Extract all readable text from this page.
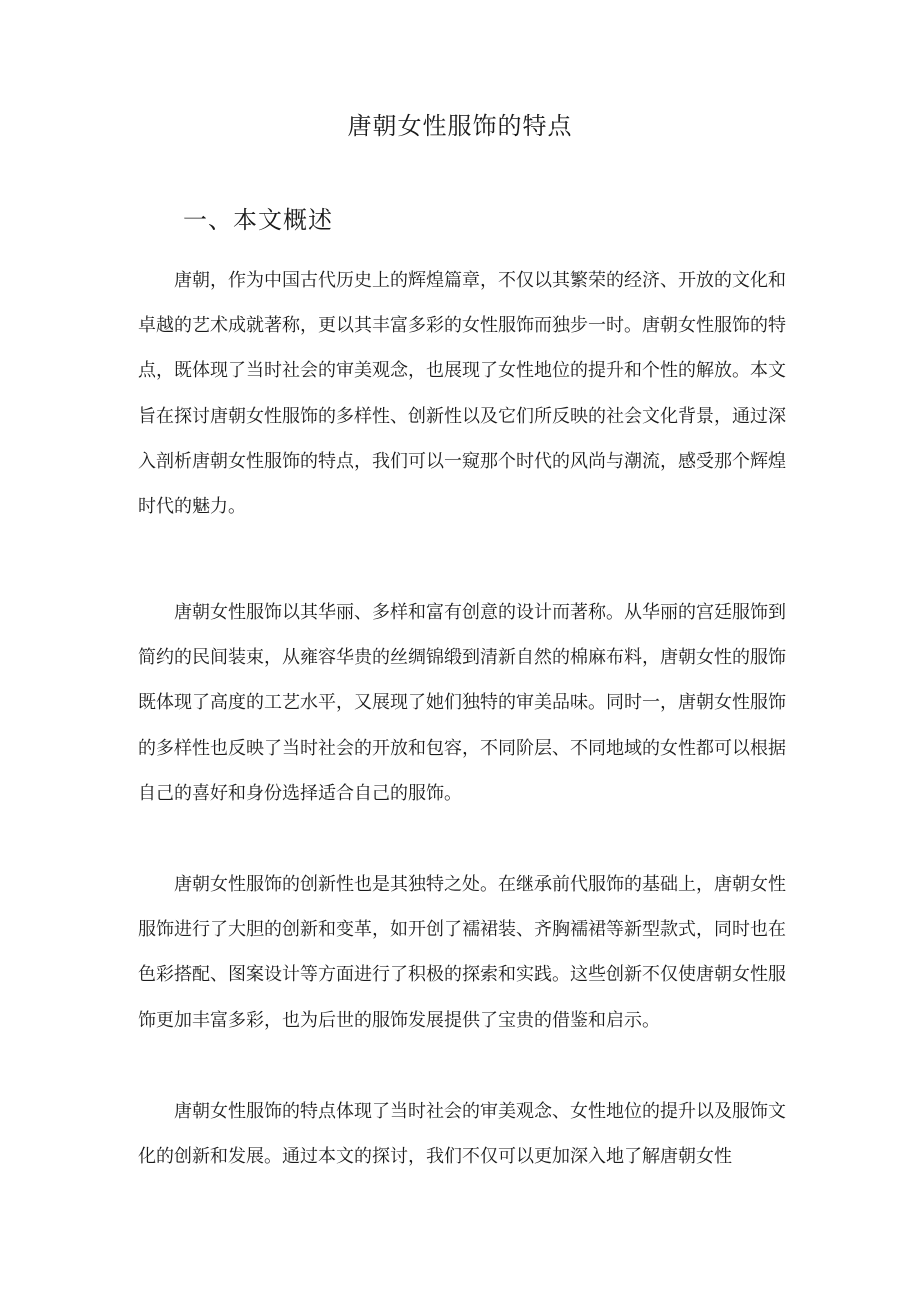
唐朝女性服饰的特点
一、本文概述

唐朝，作为中国古代历史上的辉煌篇章，不仅以其繁荣的经济、开放的文化和卓越的艺术成就著称，更以其丰富多彩的女性服饰而独步一时。唐朝女性服饰的特点，既体现了当时社会的审美观念，也展现了女性地位的提升和个性的解放。本文旨在探讨唐朝女性服饰的多样性、创新性以及它们所反映的社会文化背景，通过深入剖析唐朝女性服饰的特点，我们可以一窥那个时代的风尚与潮流，感受那个辉煌时代的魅力。

唐朝女性服饰以其华丽、多样和富有创意的设计而著称。从华丽的宫廷服饰到简约的民间装束，从雍容华贵的丝绸锦缎到清新自然的棉麻布料，唐朝女性的服饰既体现了高度的工艺水平，又展现了她们独特的审美品味。同时一，唐朝女性服饰的多样性也反映了当时社会的开放和包容，不同阶层、不同地域的女性都可以根据自己的喜好和身份选择适合自己的服饰。

唐朝女性服饰的创新性也是其独特之处。在继承前代服饰的基础上，唐朝女性服饰进行了大胆的创新和变革，如开创了襦裙装、齐胸襦裙等新型款式，同时也在色彩搭配、图案设计等方面进行了积极的探索和实践。这些创新不仅使唐朝女性服饰更加丰富多彩，也为后世的服饰发展提供了宝贵的借鉴和启示。

唐朝女性服饰的特点体现了当时社会的审美观念、女性地位的提升以及服饰文化的创新和发展。通过本文的探讨，我们不仅可以更加深入地了解唐朝女性
